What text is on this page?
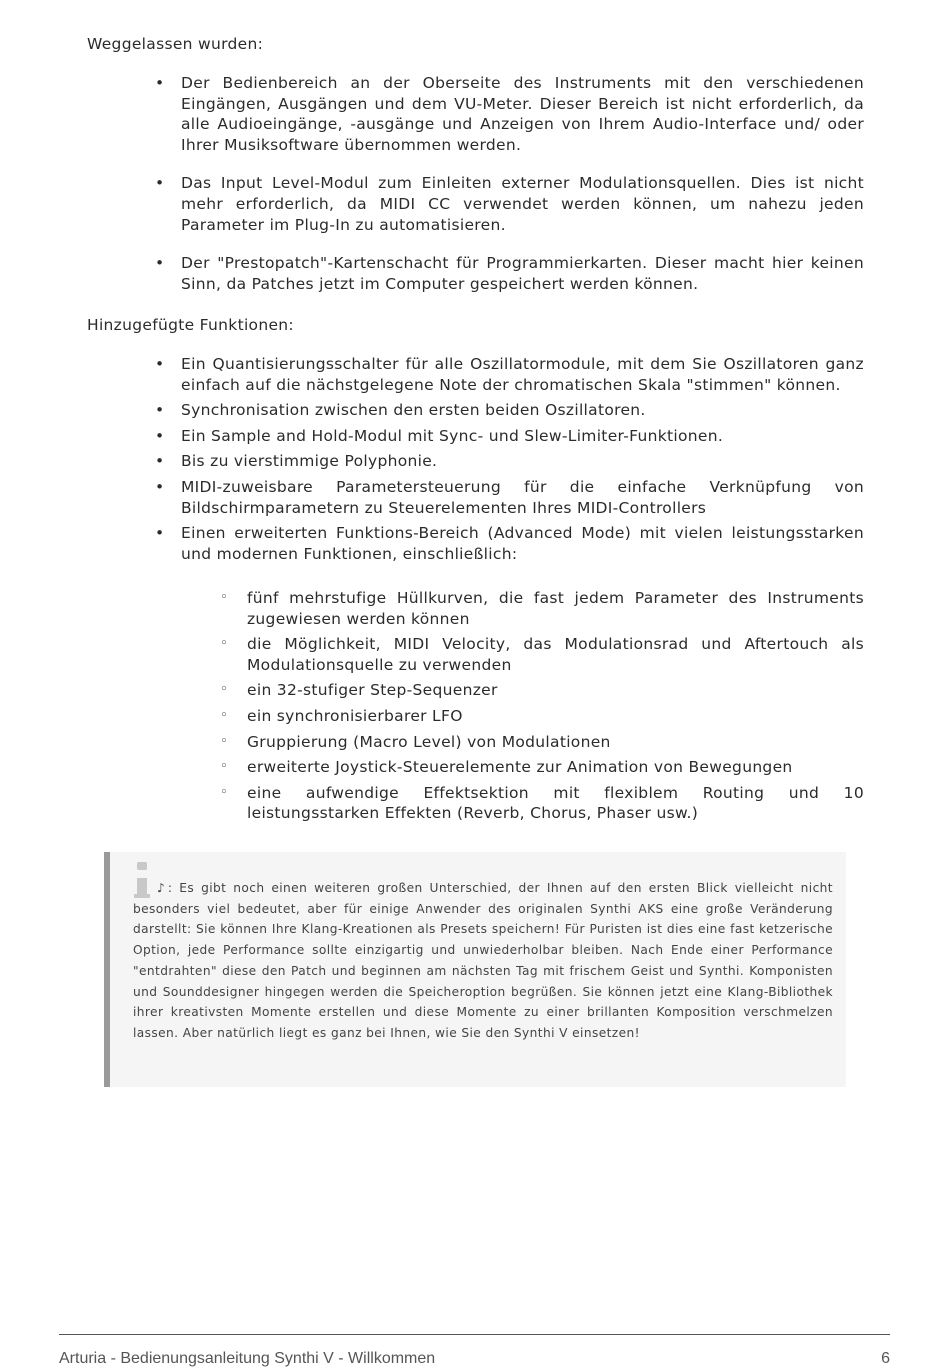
Weggelassen wurden:
• Der Bedienbereich an der Oberseite des Instruments mit den verschiedenen Eingängen, Ausgängen und dem VU-Meter. Dieser Bereich ist nicht erforderlich, da alle Audioeingänge, -ausgänge und Anzeigen von Ihrem Audio-Interface und/ oder Ihrer Musiksoftware übernommen werden.
• Das Input Level-Modul zum Einleiten externer Modulationsquellen. Dies ist nicht mehr erforderlich, da MIDI CC verwendet werden können, um nahezu jeden Parameter im Plug-In zu automatisieren.
• Der "Prestopatch"-Kartenschacht für Programmierkarten. Dieser macht hier keinen Sinn, da Patches jetzt im Computer gespeichert werden können.
Hinzugefügte Funktionen:
• Ein Quantisierungsschalter für alle Oszillatormodule, mit dem Sie Oszillatoren ganz einfach auf die nächstgelegene Note der chromatischen Skala "stimmen" können.
• Synchronisation zwischen den ersten beiden Oszillatoren.
• Ein Sample and Hold-Modul mit Sync- und Slew-Limiter-Funktionen.
• Bis zu vierstimmige Polyphonie.
• MIDI-zuweisbare Parametersteuerung für die einfache Verknüpfung von Bildschirmparametern zu Steuerelementen Ihres MIDI-Controllers
• Einen erweiterten Funktions-Bereich (Advanced Mode) mit vielen leistungsstarken und modernen Funktionen, einschließlich:
◦ fünf mehrstufige Hüllkurven, die fast jedem Parameter des Instruments zugewiesen werden können
◦ die Möglichkeit, MIDI Velocity, das Modulationsrad und Aftertouch als Modulationsquelle zu verwenden
◦ ein 32-stufiger Step-Sequenzer
◦ ein synchronisierbarer LFO
◦ Gruppierung (Macro Level) von Modulationen
◦ erweiterte Joystick-Steuerelemente zur Animation von Bewegungen
◦ eine aufwendige Effektsektion mit flexiblem Routing und 10 leistungsstarken Effekten (Reverb, Chorus, Phaser usw.)

♪: Es gibt noch einen weiteren großen Unterschied, der Ihnen auf den ersten Blick vielleicht nicht besonders viel bedeutet, aber für einige Anwender des originalen Synthi AKS eine große Veränderung darstellt: Sie können Ihre Klang-Kreationen als Presets speichern! Für Puristen ist dies eine fast ketzerische Option, jede Performance sollte einzigartig und unwiederholbar bleiben. Nach Ende einer Performance "entdrahten" diese den Patch und beginnen am nächsten Tag mit frischem Geist und Synthi. Komponisten und Sounddesigner hingegen werden die Speicheroption begrüßen. Sie können jetzt eine Klang-Bibliothek ihrer kreativsten Momente erstellen und diese Momente zu einer brillanten Komposition verschmelzen lassen. Aber natürlich liegt es ganz bei Ihnen, wie Sie den Synthi V einsetzen!

Arturia - Bedienungsanleitung Synthi V - Willkommen	6
